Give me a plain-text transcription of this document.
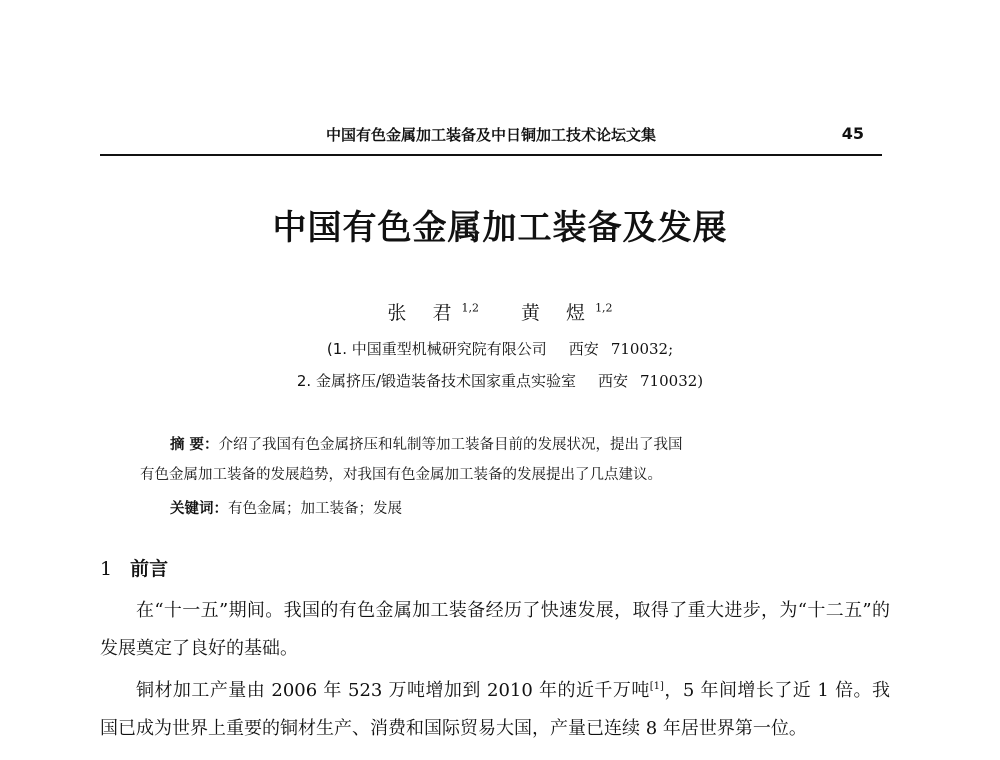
中国有色金属加工装备及中日铜加工技术论坛文集	45
中国有色金属加工装备及发展
张 君$^{1,2}$ 黄 煜$^{1,2}$
(1. 中国重型机械研究院有限公司 西安 710032;
2. 金属挤压/锻造装备技术国家重点实验室 西安 710032)
摘 要：介绍了我国有色金属挤压和轧制等加工装备目前的发展状况，提出了我国
有色金属加工装备的发展趋势，对我国有色金属加工装备的发展提出了几点建议。
关键词：有色金属；加工装备；发展
1 前言

在“十一五”期间。我国的有色金属加工装备经历了快速发展，取得了重大进步，为“十二五”的发展奠定了良好的基础。

铜材加工产量由 2006 年 523 万吨增加到 2010 年的近千万吨[1]，5 年间增长了近 1 倍。我国已成为世界上重要的铜材生产、消费和国际贸易大国，产量已连续 8 年居世界第一位。
